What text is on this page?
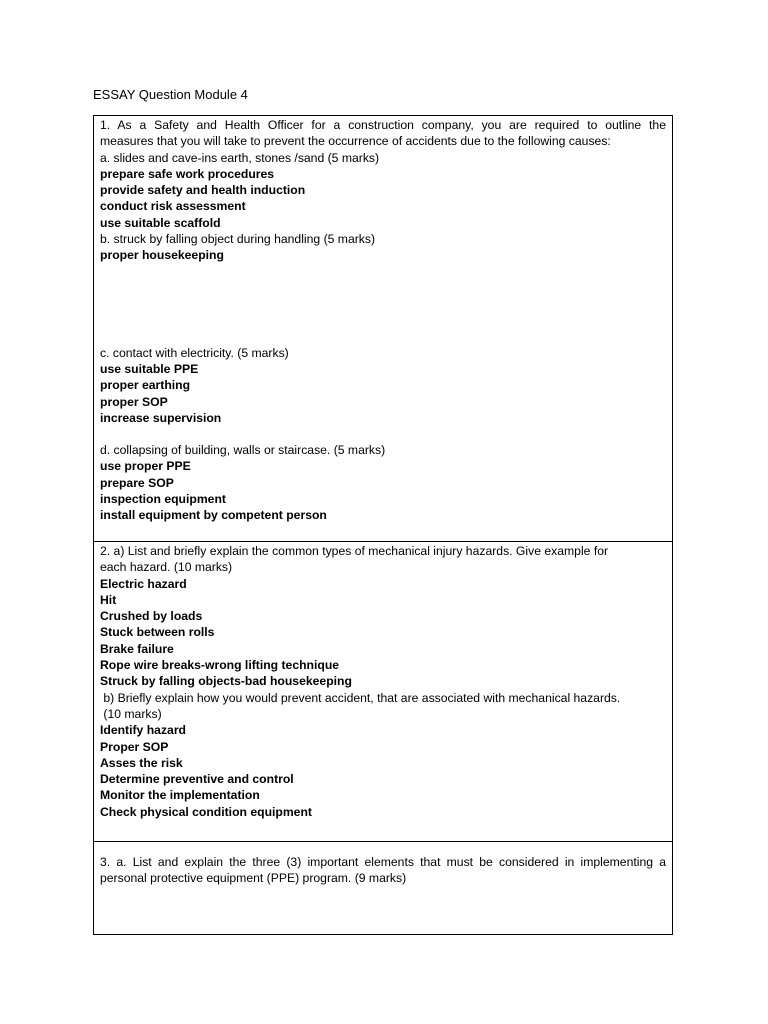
ESSAY Question Module 4
1. As a Safety and Health Officer for a construction company, you are required to outline the
measures that you will take to prevent the occurrence of accidents due to the following causes:
a. slides and cave-ins earth, stones /sand (5 marks)
prepare safe work procedures
provide safety and health induction
conduct risk assessment
use suitable scaffold
b. struck by falling object during handling (5 marks)
proper housekeeping
c. contact with electricity. (5 marks)
use suitable PPE
proper earthing
proper SOP
increase supervision
d. collapsing of building, walls or staircase. (5 marks)
use proper PPE
prepare SOP
inspection equipment
install equipment by competent person
2. a) List and briefly explain the common types of mechanical injury hazards. Give example for
each hazard. (10 marks)
Electric hazard
Hit
Crushed by loads
Stuck between rolls
Brake failure
Rope wire breaks-wrong lifting technique
Struck by falling objects-bad housekeeping
b) Briefly explain how you would prevent accident, that are associated with mechanical hazards.
(10 marks)
Identify hazard
Proper SOP
Asses the risk
Determine preventive and control
Monitor the implementation
Check physical condition equipment
3. a. List and explain the three (3) important elements that must be considered in implementing a
personal protective equipment (PPE) program. (9 marks)
